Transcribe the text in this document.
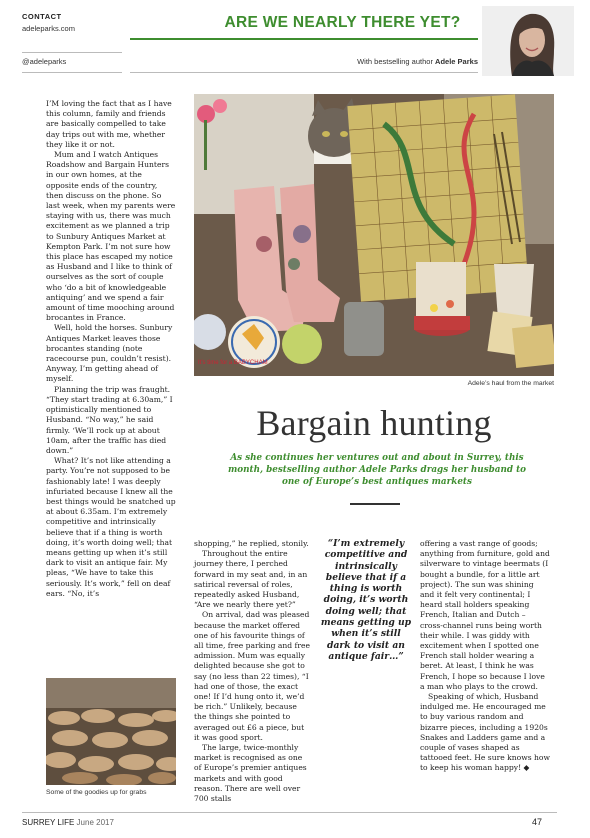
CONTACT
adeleparks.com
@adeleparks
ARE WE NEARLY THERE YET?
With bestselling author Adele Parks
It’s time for a BABYCHAM
Adele’s haul from the market
Bargain hunting
As she continues her ventures out and about in Surrey, this month, bestselling author Adele Parks drags her husband to one of Europe’s best antiques markets

I’M loving the fact that as I have this column, family and friends are basically compelled to take day trips out with me, whether they like it or not.

Mum and I watch Antiques Roadshow and Bargain Hunters in our own homes, at the opposite ends of the country, then discuss on the phone. So last week, when my parents were staying with us, there was much excitement as we planned a trip to Sunbury Antiques Market at Kempton Park. I’m not sure how this place has escaped my notice as Husband and I like to think of ourselves as the sort of couple who ‘do a bit of knowledgeable antiquing’ and we spend a fair amount of time mooching around brocantes in France.

Well, hold the horses. Sunbury Antiques Market leaves those brocantes standing (note racecourse pun, couldn’t resist). Anyway, I’m getting ahead of myself.

Planning the trip was fraught. “They start trading at 6.30am,” I optimistically mentioned to Husband. “No way,” he said firmly. ‘We’ll rock up at about 10am, after the traffic has died down.”

What? It’s not like attending a party. You’re not supposed to be fashionably late! I was deeply infuriated because I knew all the best things would be snatched up at about 6.35am. I’m extremely competitive and intrinsically believe that if a thing is worth doing, it’s worth doing well; that means getting up when it’s still dark to visit an antique fair. My pleas, “We have to take this seriously. It’s work,” fell on deaf ears. “No, it’s

Some of the goodies up for grabs

shopping,” he replied, stonily.

Throughout the entire journey there, I perched forward in my seat and, in an satirical reversal of roles, repeatedly asked Husband, “Are we nearly there yet?”

On arrival, dad was pleased because the market offered one of his favourite things of all time, free parking and free admission. Mum was equally delighted because she got to say (no less than 22 times), “I had one of those, the exact one! If I’d hung onto it, we’d be rich.” Unlikely, because the things she pointed to averaged out £6 a piece, but it was good sport.

The large, twice-monthly market is recognised as one of Europe’s premier antiques markets and with good reason. There are well over 700 stalls

“I’m extremely competitive and intrinsically believe that if a thing is worth doing, it’s worth doing well; that means getting up when it’s still dark to visit an antique fair…”

offering a vast range of goods; anything from furniture, gold and silverware to vintage beermats (I bought a bundle, for a little art project). The sun was shining and it felt very continental; I heard stall holders speaking French, Italian and Dutch – cross-channel runs being worth their while. I was giddy with excitement when I spotted one French stall holder wearing a beret. At least, I think he was French, I hope so because I love a man who plays to the crowd.

Speaking of which, Husband indulged me. He encouraged me to buy various random and bizarre pieces, including a 1920s Snakes and Ladders game and a couple of vases shaped as tattooed feet. He sure knows how to keep his woman happy! ◆

SURREY LIFE June 2017	47
